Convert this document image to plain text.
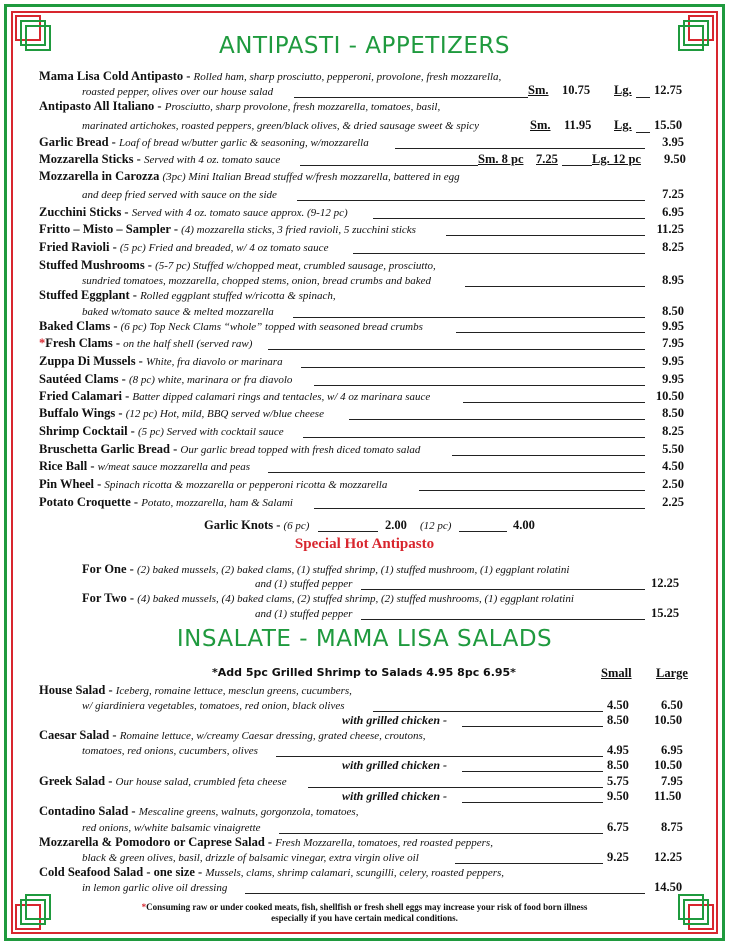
ANTIPASTI - APPETIZERS
Mama Lisa Cold Antipasto - Rolled ham, sharp prosciutto, pepperoni, provolone, fresh mozzarella,
roasted pepper, olives over our house salad	Sm. 10.75 Lg. 12.75
Antipasto All Italiano - Prosciutto, sharp provolone, fresh mozzarella, tomatoes, basil,
marinated artichokes, roasted peppers, green/black olives, & dried sausage sweet & spicy	Sm. 11.95 Lg. 15.50
Garlic Bread - Loaf of bread w/butter garlic & seasoning, w/mozzarella	3.95
Mozzarella Sticks - Served with 4 oz. tomato sauce	Sm. 8 pc 7.25	Lg. 12 pc 9.50
Mozzarella in Carozza (3pc) Mini Italian Bread stuffed w/fresh mozzarella, battered in egg
and deep fried served with sauce on the side	7.25
Zucchini Sticks - Served with 4 oz. tomato sauce approx. (9-12 pc)	6.95
Fritto – Misto – Sampler - (4) mozzarella sticks, 3 fried ravioli, 5 zucchini sticks	11.25
Fried Ravioli - (5 pc) Fried and breaded, w/ 4 oz tomato sauce	8.25
Stuffed Mushrooms - (5-7 pc) Stuffed w/chopped meat, crumbled sausage, prosciutto,
sundried tomatoes, mozzarella, chopped stems, onion, bread crumbs and baked	8.95
Stuffed Eggplant - Rolled eggplant stuffed w/ricotta & spinach,
baked w/tomato sauce & melted mozzarella	8.50
Baked Clams - (6 pc) Top Neck Clams “whole” topped with seasoned bread crumbs	9.95
*Fresh Clams - on the half shell (served raw)	7.95
Zuppa Di Mussels - White, fra diavolo or marinara	9.95
Sautéed Clams - (8 pc) white, marinara or fra diavolo	9.95
Fried Calamari - Batter dipped calamari rings and tentacles, w/ 4 oz marinara sauce	10.50
Buffalo Wings - (12 pc) Hot, mild, BBQ served w/blue cheese	8.50
Shrimp Cocktail - (5 pc) Served with cocktail sauce	8.25
Bruschetta Garlic Bread - Our garlic bread topped with fresh diced tomato salad	5.50
Rice Ball - w/meat sauce mozzarella and peas	4.50
Pin Wheel - Spinach ricotta & mozzarella or pepperoni ricotta & mozzarella	2.50
Potato Croquette - Potato, mozzarella, ham & Salami	2.25
Garlic Knots - (6 pc)	2.00 (12 pc)	4.00
Special Hot Antipasto
For One - (2) baked mussels, (2) baked clams, (1) stuffed shrimp, (1) stuffed mushroom, (1) eggplant rolatini
and (1) stuffed pepper	12.25
For Two - (4) baked mussels, (4) baked clams, (2) stuffed shrimp, (2) stuffed mushrooms, (1) eggplant rolatini
and (1) stuffed pepper	15.25
INSALATE - MAMA LISA SALADS
*Add 5pc Grilled Shrimp to Salads 4.95 8pc 6.95*	Small Large
House Salad - Iceberg, romaine lettuce, mesclun greens, cucumbers,
w/ giardiniera vegetables, tomatoes, red onion, black olives	4.50	6.50
with grilled chicken -	8.50 10.50
Caesar Salad - Romaine lettuce, w/creamy Caesar dressing, grated cheese, croutons,
tomatoes, red onions, cucumbers, olives	4.95	6.95
with grilled chicken -	8.50 10.50
Greek Salad - Our house salad, crumbled feta cheese	5.75	7.95
with grilled chicken -	9.50 11.50
Contadino Salad - Mescaline greens, walnuts, gorgonzola, tomatoes,
red onions, w/white balsamic vinaigrette	6.75	8.75
Mozzarella & Pomodoro or Caprese Salad - Fresh Mozzarella, tomatoes, red roasted peppers,
black & green olives, basil, drizzle of balsamic vinegar, extra virgin olive oil	9.25 12.25
Cold Seafood Salad - one size - Mussels, clams, shrimp calamari, scungilli, celery, roasted peppers,
in lemon garlic olive oil dressing	14.50
*Consuming raw or under cooked meats, fish, shellfish or fresh shell eggs may increase your risk of food born illness
especially if you have certain medical conditions.
